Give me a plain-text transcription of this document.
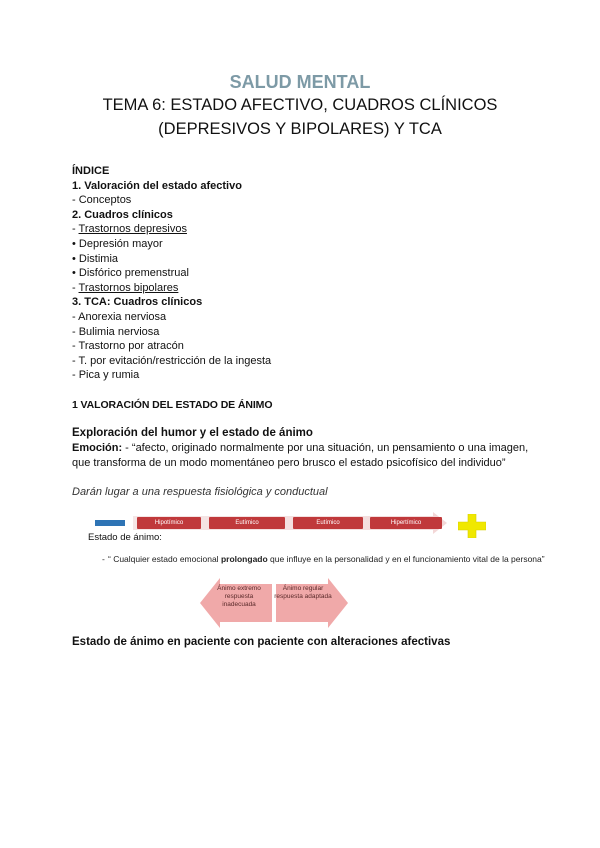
SALUD MENTAL
TEMA 6: ESTADO AFECTIVO, CUADROS CLÍNICOS
(DEPRESIVOS Y BIPOLARES) Y TCA
ÍNDICE
1. Valoración del estado afectivo
- Conceptos
2. Cuadros clínicos
- Trastornos depresivos
• Depresión mayor
• Distimia
• Disfórico premenstrual
- Trastornos bipolares
3. TCA: Cuadros clínicos
- Anorexia nerviosa
- Bulimia nerviosa
- Trastorno por atracón
- T. por evitación/restricción de la ingesta
- Pica y rumia
1 VALORACIÓN DEL ESTADO DE ÁNIMO
Exploración del humor y el estado de ánimo
Emoción: - “afecto, originado normalmente por una situación, un pensamiento o una imagen, que transforma de un modo momentáneo pero brusco el estado psicofísico del individuo”
Darán lugar a una respuesta fisiológica y conductual
Hipotímico	Eutímico	Eutímico	Hipertímico
Estado de ánimo:
- “ Cualquier estado emocional prolongado que influye en la personalidad y en el funcionamiento vital de la persona”
Ánimo extremo respuesta inadecuada
Ánimo regular respuesta adaptada
Estado de ánimo en paciente con paciente con alteraciones afectivas
